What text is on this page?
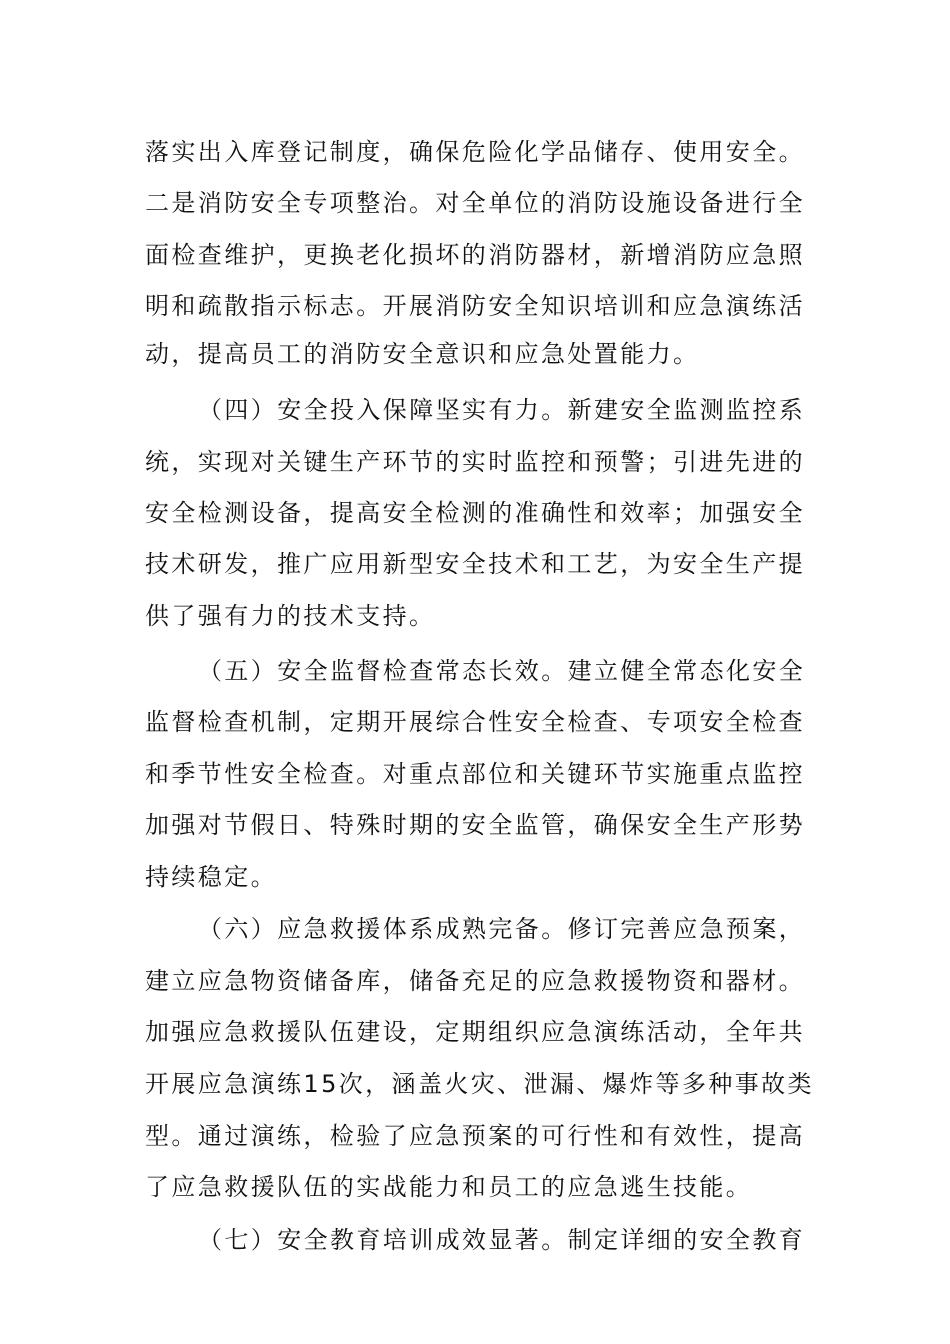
落实出入库登记制度，确保危险化学品储存、使用安全。
二是消防安全专项整治。对全单位的消防设施设备进行全
面检查维护，更换老化损坏的消防器材，新增消防应急照
明和疏散指示标志。开展消防安全知识培训和应急演练活
动，提高员工的消防安全意识和应急处置能力。
（四）安全投入保障坚实有力。新建安全监测监控系
统，实现对关键生产环节的实时监控和预警；引进先进的
安全检测设备，提高安全检测的准确性和效率；加强安全
技术研发，推广应用新型安全技术和工艺，为安全生产提
供了强有力的技术支持。
（五）安全监督检查常态长效。建立健全常态化安全
监督检查机制，定期开展综合性安全检查、专项安全检查
和季节性安全检查。对重点部位和关键环节实施重点监控
加强对节假日、特殊时期的安全监管，确保安全生产形势
持续稳定。
（六）应急救援体系成熟完备。修订完善应急预案，
建立应急物资储备库，储备充足的应急救援物资和器材。
加强应急救援队伍建设，定期组织应急演练活动，全年共
开展应急演练15次，涵盖火灾、泄漏、爆炸等多种事故类
型。通过演练，检验了应急预案的可行性和有效性，提高
了应急救援队伍的实战能力和员工的应急逃生技能。
（七）安全教育培训成效显著。制定详细的安全教育
